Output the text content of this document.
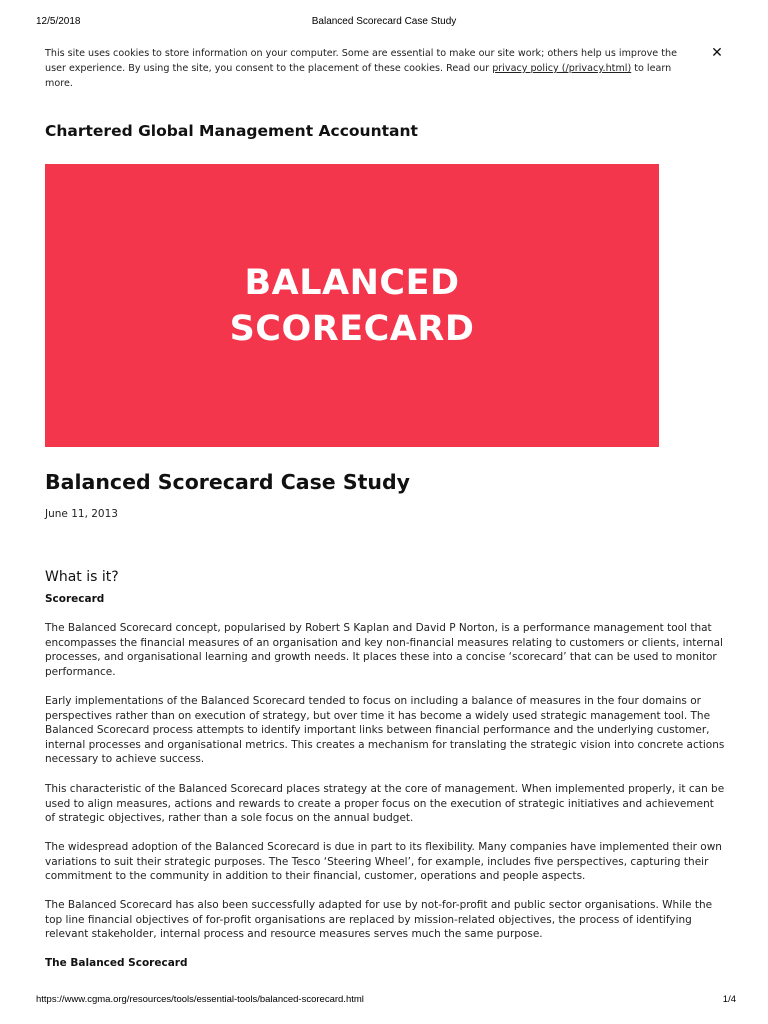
12/5/2018	Balanced Scorecard Case Study
This site uses cookies to store information on your computer. Some are essential to make our site work; others help us improve the user experience. By using the site, you consent to the placement of these cookies. Read our privacy policy (/privacy.html) to learn more.
✕
Chartered Global Management Accountant
BALANCED
SCORECARD
Balanced Scorecard Case Study
June 11, 2013
What is it?
Scorecard

The Balanced Scorecard concept, popularised by Robert S Kaplan and David P Norton, is a performance management tool that encompasses the financial measures of an organisation and key non-financial measures relating to customers or clients, internal processes, and organisational learning and growth needs. It places these into a concise ‘scorecard’ that can be used to monitor performance.

Early implementations of the Balanced Scorecard tended to focus on including a balance of measures in the four domains or perspectives rather than on execution of strategy, but over time it has become a widely used strategic management tool. The Balanced Scorecard process attempts to identify important links between financial performance and the underlying customer, internal processes and organisational metrics. This creates a mechanism for translating the strategic vision into concrete actions necessary to achieve success.

This characteristic of the Balanced Scorecard places strategy at the core of management. When implemented properly, it can be used to align measures, actions and rewards to create a proper focus on the execution of strategic initiatives and achievement of strategic objectives, rather than a sole focus on the annual budget.

The widespread adoption of the Balanced Scorecard is due in part to its flexibility. Many companies have implemented their own variations to suit their strategic purposes. The Tesco ‘Steering Wheel’, for example, includes five perspectives, capturing their commitment to the community in addition to their financial, customer, operations and people aspects.

The Balanced Scorecard has also been successfully adapted for use by not-for-profit and public sector organisations. While the top line financial objectives of for-profit organisations are replaced by mission-related objectives, the process of identifying relevant stakeholder, internal process and resource measures serves much the same purpose.

The Balanced Scorecard
https://www.cgma.org/resources/tools/essential-tools/balanced-scorecard.html	1/4
